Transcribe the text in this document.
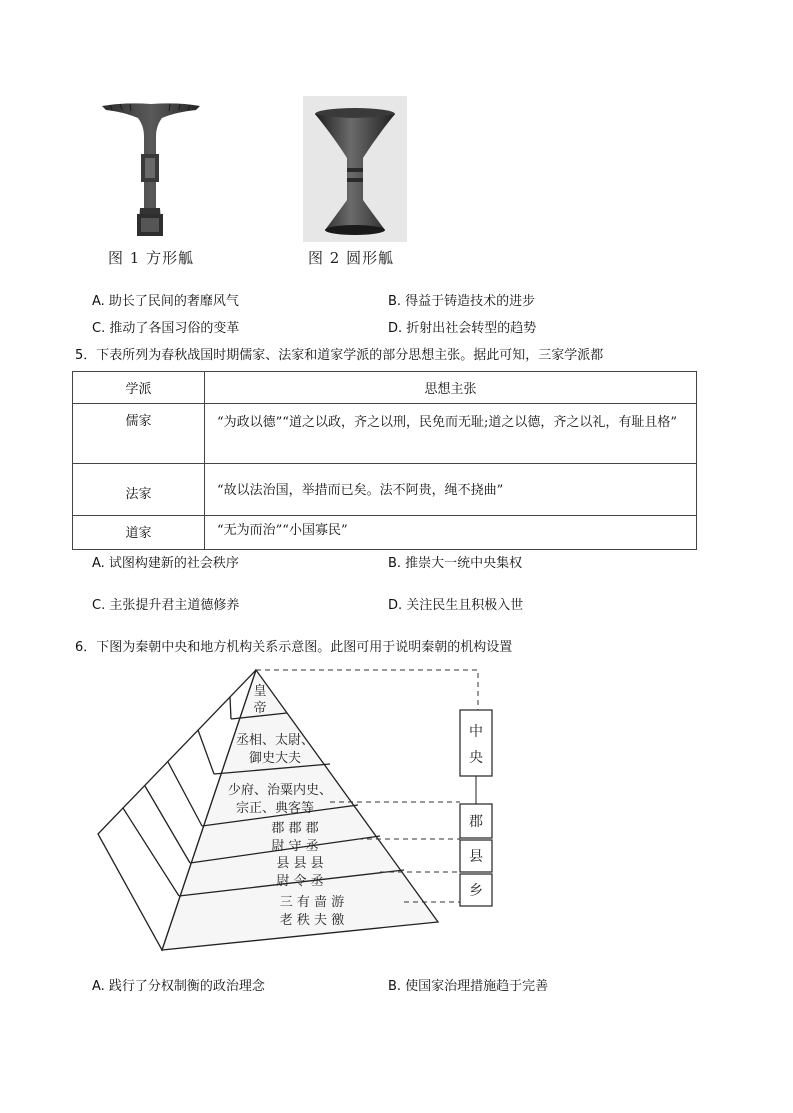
图 1 方形觚	图 2 圆形觚
A. 助长了民间的奢靡风气	B. 得益于铸造技术的进步
C. 推动了各国习俗的变革	D. 折射出社会转型的趋势
5．下表所列为春秋战国时期儒家、法家和道家学派的部分思想主张。据此可知，三家学派都
学派	思想主张
儒家	“为政以德”“道之以政，齐之以刑，民免而无耻;道之以德，齐之以礼，有耻且格”
法家	“故以法治国，举措而已矣。法不阿贵，绳不挠曲”
道家	“无为而治”“小国寡民”
A. 试图构建新的社会秩序	B. 推崇大一统中央集权
C. 主张提升君主道德修养	D. 关注民生且积极入世
6．下图为秦朝中央和地方机构关系示意图。此图可用于说明秦朝的机构设置
中
央
郡
县
乡
皇
帝
丞相、太尉、
御史大夫
少府、治粟内史、
宗正、典客等
郡 郡 郡
尉 守 丞
县 县 县
尉 令 丞
三 有 啬 游
老 秩 夫 徼
A. 践行了分权制衡的政治理念	B. 使国家治理措施趋于完善
